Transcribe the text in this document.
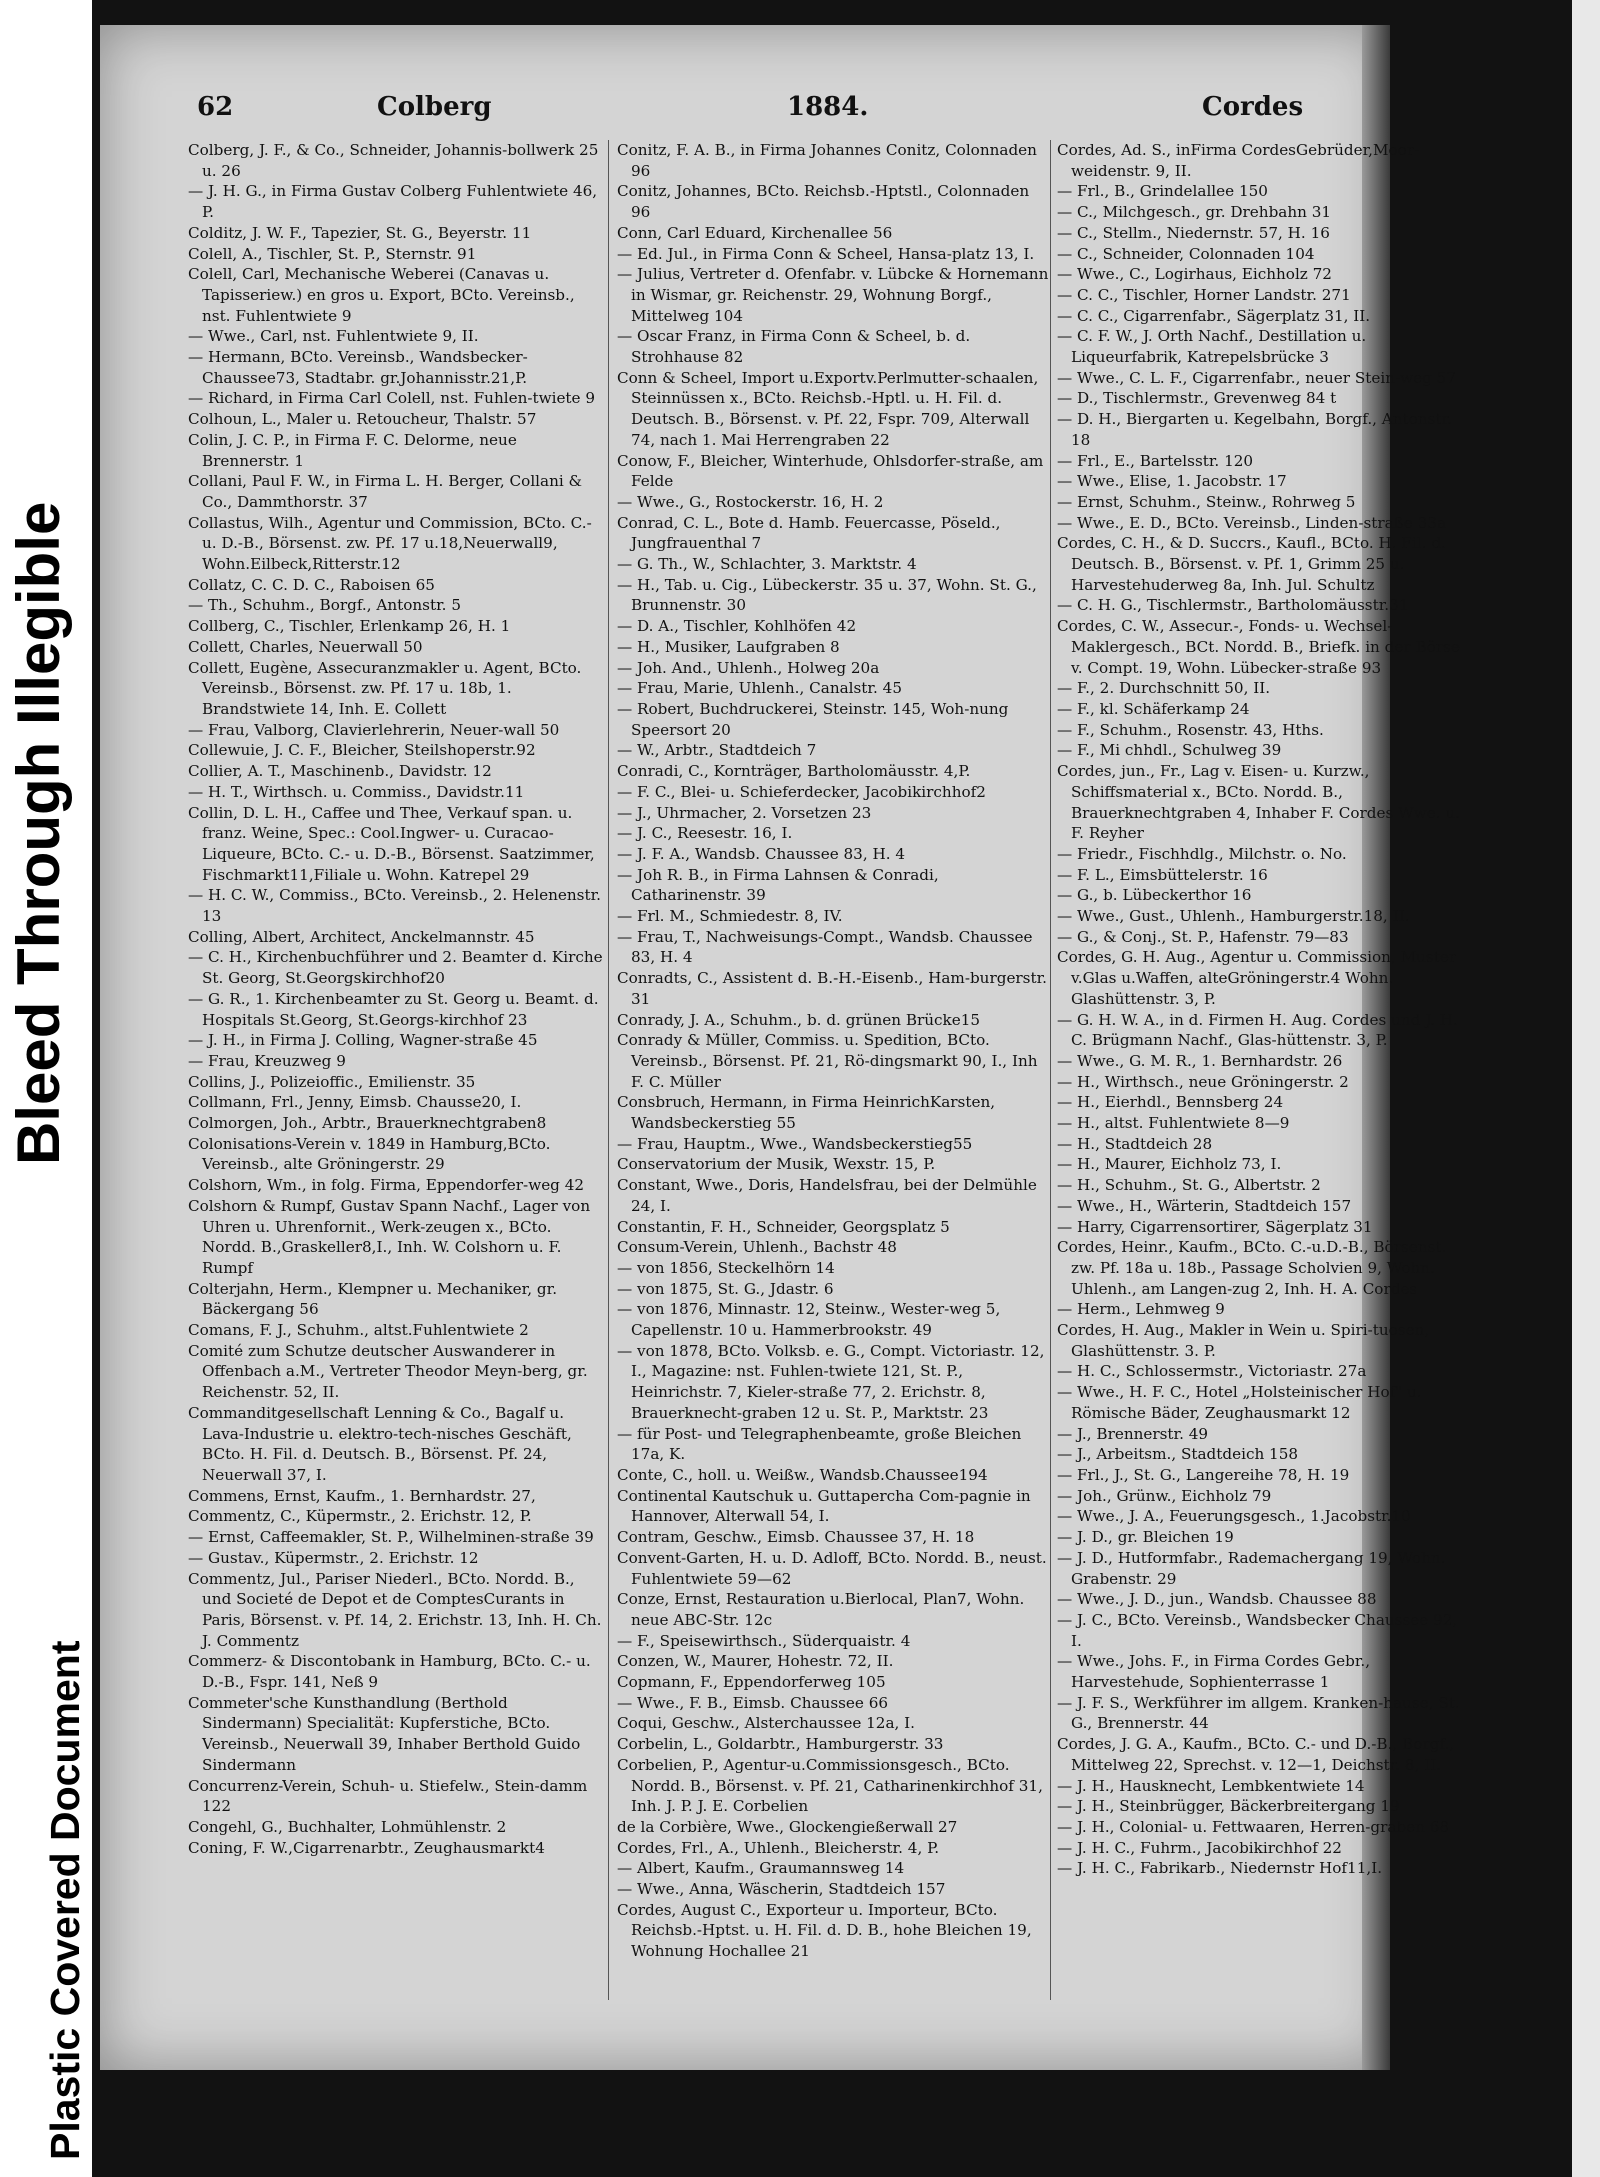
Bleed Through Illegible
Plastic Covered Document
62	Colberg	1884.	Cordes

Colberg, J. F., & Co., Schneider, Johannis-bollwerk 25 u. 26

— J. H. G., in Firma Gustav Colberg Fuhlentwiete 46, P.

Colditz, J. W. F., Tapezier, St. G., Beyerstr. 11

Colell, A., Tischler, St. P., Sternstr. 91

Colell, Carl, Mechanische Weberei (Canavas u. Tapisseriew.) en gros u. Export, BCto. Vereinsb., nst. Fuhlentwiete 9

— Wwe., Carl, nst. Fuhlentwiete 9, II.

— Hermann, BCto. Vereinsb., Wandsbecker-Chaussee73, Stadtabr. gr.Johannisstr.21,P.

— Richard, in Firma Carl Colell, nst. Fuhlen-twiete 9

Colhoun, L., Maler u. Retoucheur, Thalstr. 57

Colin, J. C. P., in Firma F. C. Delorme, neue Brennerstr. 1

Collani, Paul F. W., in Firma L. H. Berger, Collani & Co., Dammthorstr. 37

Collastus, Wilh., Agentur und Commission, BCto. C.- u. D.-B., Börsenst. zw. Pf. 17 u.18,Neuerwall9, Wohn.Eilbeck,Ritterstr.12

Collatz, C. C. D. C., Raboisen 65

— Th., Schuhm., Borgf., Antonstr. 5

Collberg, C., Tischler, Erlenkamp 26, H. 1

Collett, Charles, Neuerwall 50

Collett, Eugène, Assecuranzmakler u. Agent, BCto. Vereinsb., Börsenst. zw. Pf. 17 u. 18b, 1. Brandstwiete 14, Inh. E. Collett

— Frau, Valborg, Clavierlehrerin, Neuer-wall 50

Collewuie, J. C. F., Bleicher, Steilshoperstr.92

Collier, A. T., Maschinenb., Davidstr. 12

— H. T., Wirthsch. u. Commiss., Davidstr.11

Collin, D. L. H., Caffee und Thee, Verkauf span. u. franz. Weine, Spec.: Cool.Ingwer- u. Curacao-Liqueure, BCto. C.- u. D.-B., Börsenst. Saatzimmer, Fischmarkt11,Filiale u. Wohn. Katrepel 29

— H. C. W., Commiss., BCto. Vereinsb., 2. Helenenstr. 13

Colling, Albert, Architect, Anckelmannstr. 45

— C. H., Kirchenbuchführer und 2. Beamter d. Kirche St. Georg, St.Georgskirchhof20

— G. R., 1. Kirchenbeamter zu St. Georg u. Beamt. d. Hospitals St.Georg, St.Georgs-kirchhof 23

— J. H., in Firma J. Colling, Wagner-straße 45

— Frau, Kreuzweg 9

Collins, J., Polizeioffic., Emilienstr. 35

Collmann, Frl., Jenny, Eimsb. Chausse20, I.

Colmorgen, Joh., Arbtr., Brauerknechtgraben8

Colonisations-Verein v. 1849 in Hamburg,BCto. Vereinsb., alte Gröningerstr. 29

Colshorn, Wm., in folg. Firma, Eppendorfer-weg 42

Colshorn & Rumpf, Gustav Spann Nachf., Lager von Uhren u. Uhrenfornit., Werk-zeugen x., BCto. Nordd. B.,Graskeller8,I., Inh. W. Colshorn u. F. Rumpf

Colterjahn, Herm., Klempner u. Mechaniker, gr. Bäckergang 56

Comans, F. J., Schuhm., altst.Fuhlentwiete 2

Comité zum Schutze deutscher Auswanderer in Offenbach a.M., Vertreter Theodor Meyn-berg, gr. Reichenstr. 52, II.

Commanditgesellschaft Lenning & Co., Bagalf u. Lava-Industrie u. elektro-tech-nisches Geschäft, BCto. H. Fil. d. Deutsch. B., Börsenst. Pf. 24, Neuerwall 37, I.

Commens, Ernst, Kaufm., 1. Bernhardstr. 27,

Commentz, C., Küpermstr., 2. Erichstr. 12, P.

— Ernst, Caffeemakler, St. P., Wilhelminen-straße 39

— Gustav., Küpermstr., 2. Erichstr. 12

Commentz, Jul., Pariser Niederl., BCto. Nordd. B., und Societé de Depot et de ComptesCurants in Paris, Börsenst. v. Pf. 14, 2. Erichstr. 13, Inh. H. Ch. J. Commentz

Commerz- & Discontobank in Hamburg, BCto. C.- u. D.-B., Fspr. 141, Neß 9

Commeter'sche Kunsthandlung (Berthold Sindermann) Specialität: Kupferstiche, BCto. Vereinsb., Neuerwall 39, Inhaber Berthold Guido Sindermann

Concurrenz-Verein, Schuh- u. Stiefelw., Stein-damm 122

Congehl, G., Buchhalter, Lohmühlenstr. 2

Coning, F. W.,Cigarrenarbtr., Zeughausmarkt4

Conitz, F. A. B., in Firma Johannes Conitz, Colonnaden 96

Conitz, Johannes, BCto. Reichsb.-Hptstl., Colonnaden 96

Conn, Carl Eduard, Kirchenallee 56

— Ed. Jul., in Firma Conn & Scheel, Hansa-platz 13, I.

— Julius, Vertreter d. Ofenfabr. v. Lübcke & Hornemann in Wismar, gr. Reichenstr. 29, Wohnung Borgf., Mittelweg 104

— Oscar Franz, in Firma Conn & Scheel, b. d. Strohhause 82

Conn & Scheel, Import u.Exportv.Perlmutter-schaalen, Steinnüssen x., BCto. Reichsb.-Hptl. u. H. Fil. d. Deutsch. B., Börsenst. v. Pf. 22, Fspr. 709, Alterwall 74, nach 1. Mai Herrengraben 22

Conow, F., Bleicher, Winterhude, Ohlsdorfer-straße, am Felde

— Wwe., G., Rostockerstr. 16, H. 2

Conrad, C. L., Bote d. Hamb. Feuercasse, Pöseld., Jungfrauenthal 7

— G. Th., W., Schlachter, 3. Marktstr. 4

— H., Tab. u. Cig., Lübeckerstr. 35 u. 37, Wohn. St. G., Brunnenstr. 30

— D. A., Tischler, Kohlhöfen 42

— H., Musiker, Laufgraben 8

— Joh. And., Uhlenh., Holweg 20a

— Frau, Marie, Uhlenh., Canalstr. 45

— Robert, Buchdruckerei, Steinstr. 145, Woh-nung Speersort 20

— W., Arbtr., Stadtdeich 7

Conradi, C., Kornträger, Bartholomäusstr. 4,P.

— F. C., Blei- u. Schieferdecker, Jacobikirchhof2

— J., Uhrmacher, 2. Vorsetzen 23

— J. C., Reesestr. 16, I.

— J. F. A., Wandsb. Chaussee 83, H. 4

— Joh R. B., in Firma Lahnsen & Conradi, Catharinenstr. 39

— Frl. M., Schmiedestr. 8, IV.

— Frau, T., Nachweisungs-Compt., Wandsb. Chaussee 83, H. 4

Conradts, C., Assistent d. B.-H.-Eisenb., Ham-burgerstr. 31

Conrady, J. A., Schuhm., b. d. grünen Brücke15

Conrady & Müller, Commiss. u. Spedition, BCto. Vereinsb., Börsenst. Pf. 21, Rö-dingsmarkt 90, I., Inh F. C. Müller

Consbruch, Hermann, in Firma HeinrichKarsten, Wandsbeckerstieg 55

— Frau, Hauptm., Wwe., Wandsbeckerstieg55

Conservatorium der Musik, Wexstr. 15, P.

Constant, Wwe., Doris, Handelsfrau, bei der Delmühle 24, I.

Constantin, F. H., Schneider, Georgsplatz 5

Consum-Verein, Uhlenh., Bachstr 48

— von 1856, Steckelhörn 14

— von 1875, St. G., Jdastr. 6

— von 1876, Minnastr. 12, Steinw., Wester-weg 5, Capellenstr. 10 u. Hammerbrookstr. 49

— von 1878, BCto. Volksb. e. G., Compt. Victoriastr. 12, I., Magazine: nst. Fuhlen-twiete 121, St. P., Heinrichstr. 7, Kieler-straße 77, 2. Erichstr. 8, Brauerknecht-graben 12 u. St. P., Marktstr. 23

— für Post- und Telegraphenbeamte, große Bleichen 17a, K.

Conte, C., holl. u. Weißw., Wandsb.Chaussee194

Continental Kautschuk u. Guttapercha Com-pagnie in Hannover, Alterwall 54, I.

Contram, Geschw., Eimsb. Chaussee 37, H. 18

Convent-Garten, H. u. D. Adloff, BCto. Nordd. B., neust. Fuhlentwiete 59—62

Conze, Ernst, Restauration u.Bierlocal, Plan7, Wohn. neue ABC-Str. 12c

— F., Speisewirthsch., Süderquaistr. 4

Conzen, W., Maurer, Hohestr. 72, II.

Copmann, F., Eppendorferweg 105

— Wwe., F. B., Eimsb. Chaussee 66

Coqui, Geschw., Alsterchaussee 12a, I.

Corbelin, L., Goldarbtr., Hamburgerstr. 33

Corbelien, P., Agentur-u.Commissionsgesch., BCto. Nordd. B., Börsenst. v. Pf. 21, Catharinenkirchhof 31, Inh. J. P. J. E. Corbelien

de la Corbière, Wwe., Glockengießerwall 27

Cordes, Frl., A., Uhlenh., Bleicherstr. 4, P.

— Albert, Kaufm., Graumannsweg 14

— Wwe., Anna, Wäscherin, Stadtdeich 157

Cordes, August C., Exporteur u. Importeur, BCto. Reichsb.-Hptst. u. H. Fil. d. D. B., hohe Bleichen 19, Wohnung Hochallee 21

Cordes, Ad. S., inFirma CordesGebrüder,Moor-weidenstr. 9, II.

— Frl., B., Grindelallee 150

— C., Milchgesch., gr. Drehbahn 31

— C., Stellm., Niedernstr. 57, H. 16

— C., Schneider, Colonnaden 104

— Wwe., C., Logirhaus, Eichholz 72

— C. C., Tischler, Horner Landstr. 271

— C. C., Cigarrenfabr., Sägerplatz 31, II.

— C. F. W., J. Orth Nachf., Destillation u. Liqueurfabrik, Katrepelsbrücke 3

— Wwe., C. L. F., Cigarrenfabr., neuer Stein-weg 57

— D., Tischlermstr., Grevenweg 84 t

— D. H., Biergarten u. Kegelbahn, Borgf., Antonstr. 18

— Frl., E., Bartelsstr. 120

— Wwe., Elise, 1. Jacobstr. 17

— Ernst, Schuhm., Steinw., Rohrweg 5

— Wwe., E. D., BCto. Vereinsb., Linden-straße 33a

Cordes, C. H., & D. Succrs., Kaufl., BCto. H. Fil. d. Deutsch. B., Börsenst. v. Pf. 1, Grimm 25 u. Harvestehuderweg 8a, Inh. Jul. Schultz

— C. H. G., Tischlermstr., Bartholomäusstr.31

Cordes, C. W., Assecur.-, Fonds- u. Wechsel-Maklergesch., BCt. Nordd. B., Briefk. in der Börse v. Compt. 19, Wohn. Lübecker-straße 93

— F., 2. Durchschnitt 50, II.

— F., kl. Schäferkamp 24

— F., Schuhm., Rosenstr. 43, Hths.

— F., Mi chhdl., Schulweg 39

Cordes, jun., Fr., Lag v. Eisen- u. Kurzw., Schiffsmaterial x., BCto. Nordd. B., Brauerknechtgraben 4, Inhaber F. Cordes Wwe. u. F. Reyher

— Friedr., Fischhdlg., Milchstr. o. No.

— F. L., Eimsbüttelerstr. 16

— G., b. Lübeckerthor 16

— Wwe., Gust., Uhlenh., Hamburgerstr.18, II.

— G., & Conj., St. P., Hafenstr. 79—83

Cordes, G. H. Aug., Agentur u. Commission, Muster v.Glas u.Waffen, alteGröningerstr.4 Wohn. Glashüttenstr. 3, P.

— G. H. W. A., in d. Firmen H. Aug. Cordes und J. H. C. Brügmann Nachf., Glas-hüttenstr. 3, P.

— Wwe., G. M. R., 1. Bernhardstr. 26

— H., Wirthsch., neue Gröningerstr. 2

— H., Eierhdl., Bennsberg 24

— H., altst. Fuhlentwiete 8—9

— H., Stadtdeich 28

— H., Maurer, Eichholz 73, I.

— H., Schuhm., St. G., Albertstr. 2

— Wwe., H., Wärterin, Stadtdeich 157

— Harry, Cigarrensortirer, Sägerplatz 31

Cordes, Heinr., Kaufm., BCto. C.-u.D.-B., Börsenst. zw. Pf. 18a u. 18b., Passage Scholvien 9, Wohn. Uhlenh., am Langen-zug 2, Inh. H. A. Cordes

— Herm., Lehmweg 9

Cordes, H. Aug., Makler in Wein u. Spiri-tuosen, Glashüttenstr. 3. P.

— H. C., Schlossermstr., Victoriastr. 27a

— Wwe., H. F. C., Hotel „Holsteinischer Hof" u. Römische Bäder, Zeughausmarkt 12

— J., Brennerstr. 49

— J., Arbeitsm., Stadtdeich 158

— Frl., J., St. G., Langereihe 78, H. 19

— Joh., Grünw., Eichholz 79

— Wwe., J. A., Feuerungsgesch., 1.Jacobstr.10

— J. D., gr. Bleichen 19

— J. D., Hutformfabr., Rademachergang 19, Wohn. Grabenstr. 29

— Wwe., J. D., jun., Wandsb. Chaussee 88

— J. C., BCto. Vereinsb., Wandsbecker Chaussee 92, I.

— Wwe., Johs. F., in Firma Cordes Gebr., Harvestehude, Sophienterrasse 1

— J. F. S., Werkführer im allgem. Kranken-hause, St. G., Brennerstr. 44

Cordes, J. G. A., Kaufm., BCto. C.- und D.-B., Borgf., Mittelweg 22, Sprechst. v. 12—1, Deichstr. 8, II.

— J. H., Hausknecht, Lembkentwiete 14

— J. H., Steinbrügger, Bäckerbreitergang 19

— J. H., Colonial- u. Fettwaaren, Herren-graben 68

— J. H. C., Fuhrm., Jacobikirchhof 22

— J. H. C., Fabrikarb., Niedernstr Hof11,I.
